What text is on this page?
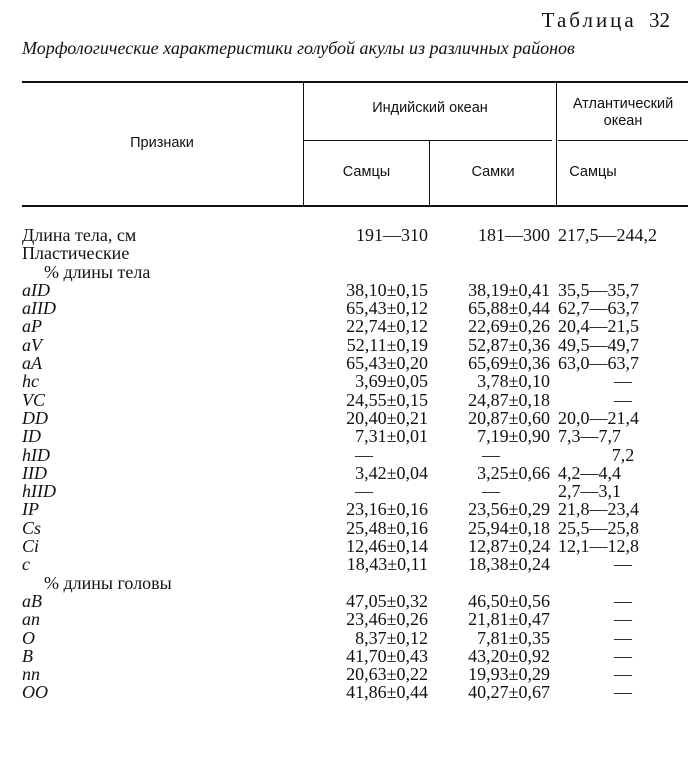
Таблица 32
Морфологические характеристики голубой акулы из различных районов
Признаки
Индийский океан	Атлантический
океан
Самцы	Самки	Самцы
Длина тела, см	191—310	181—300 217,5—244,2
Пластические
% длины тела
aID	38,10±0,15	38,19±0,41 35,5—35,7
aIID	65,43±0,12	65,88±0,44 62,7—63,7
aP	22,74±0,12	22,69±0,26 20,4—21,5
aV	52,11±0,19	52,87±0,36 49,5—49,7
aA	65,43±0,20	65,69±0,36 63,0—63,7
hc	3,69±0,05	3,78±0,10	—
VC	24,55±0,15	24,87±0,18	—
DD	20,40±0,21	20,87±0,60 20,0—21,4
ID	7,31±0,01	7,19±0,90 7,3—7,7
hID	—	—	7,2
IID	3,42±0,04	3,25±0,66 4,2—4,4
hIID	—	—	2,7—3,1
IP	23,16±0,16	23,56±0,29 21,8—23,4
Cs	25,48±0,16	25,94±0,18 25,5—25,8
Ci	12,46±0,14	12,87±0,24 12,1—12,8
c	18,43±0,11	18,38±0,24	—
% длины головы
aB	47,05±0,32	46,50±0,56	—
an	23,46±0,26	21,81±0,47	—
O	8,37±0,12	7,81±0,35	—
B	41,70±0,43	43,20±0,92	—
nn	20,63±0,22	19,93±0,29	—
OO	41,86±0,44	40,27±0,67	—
